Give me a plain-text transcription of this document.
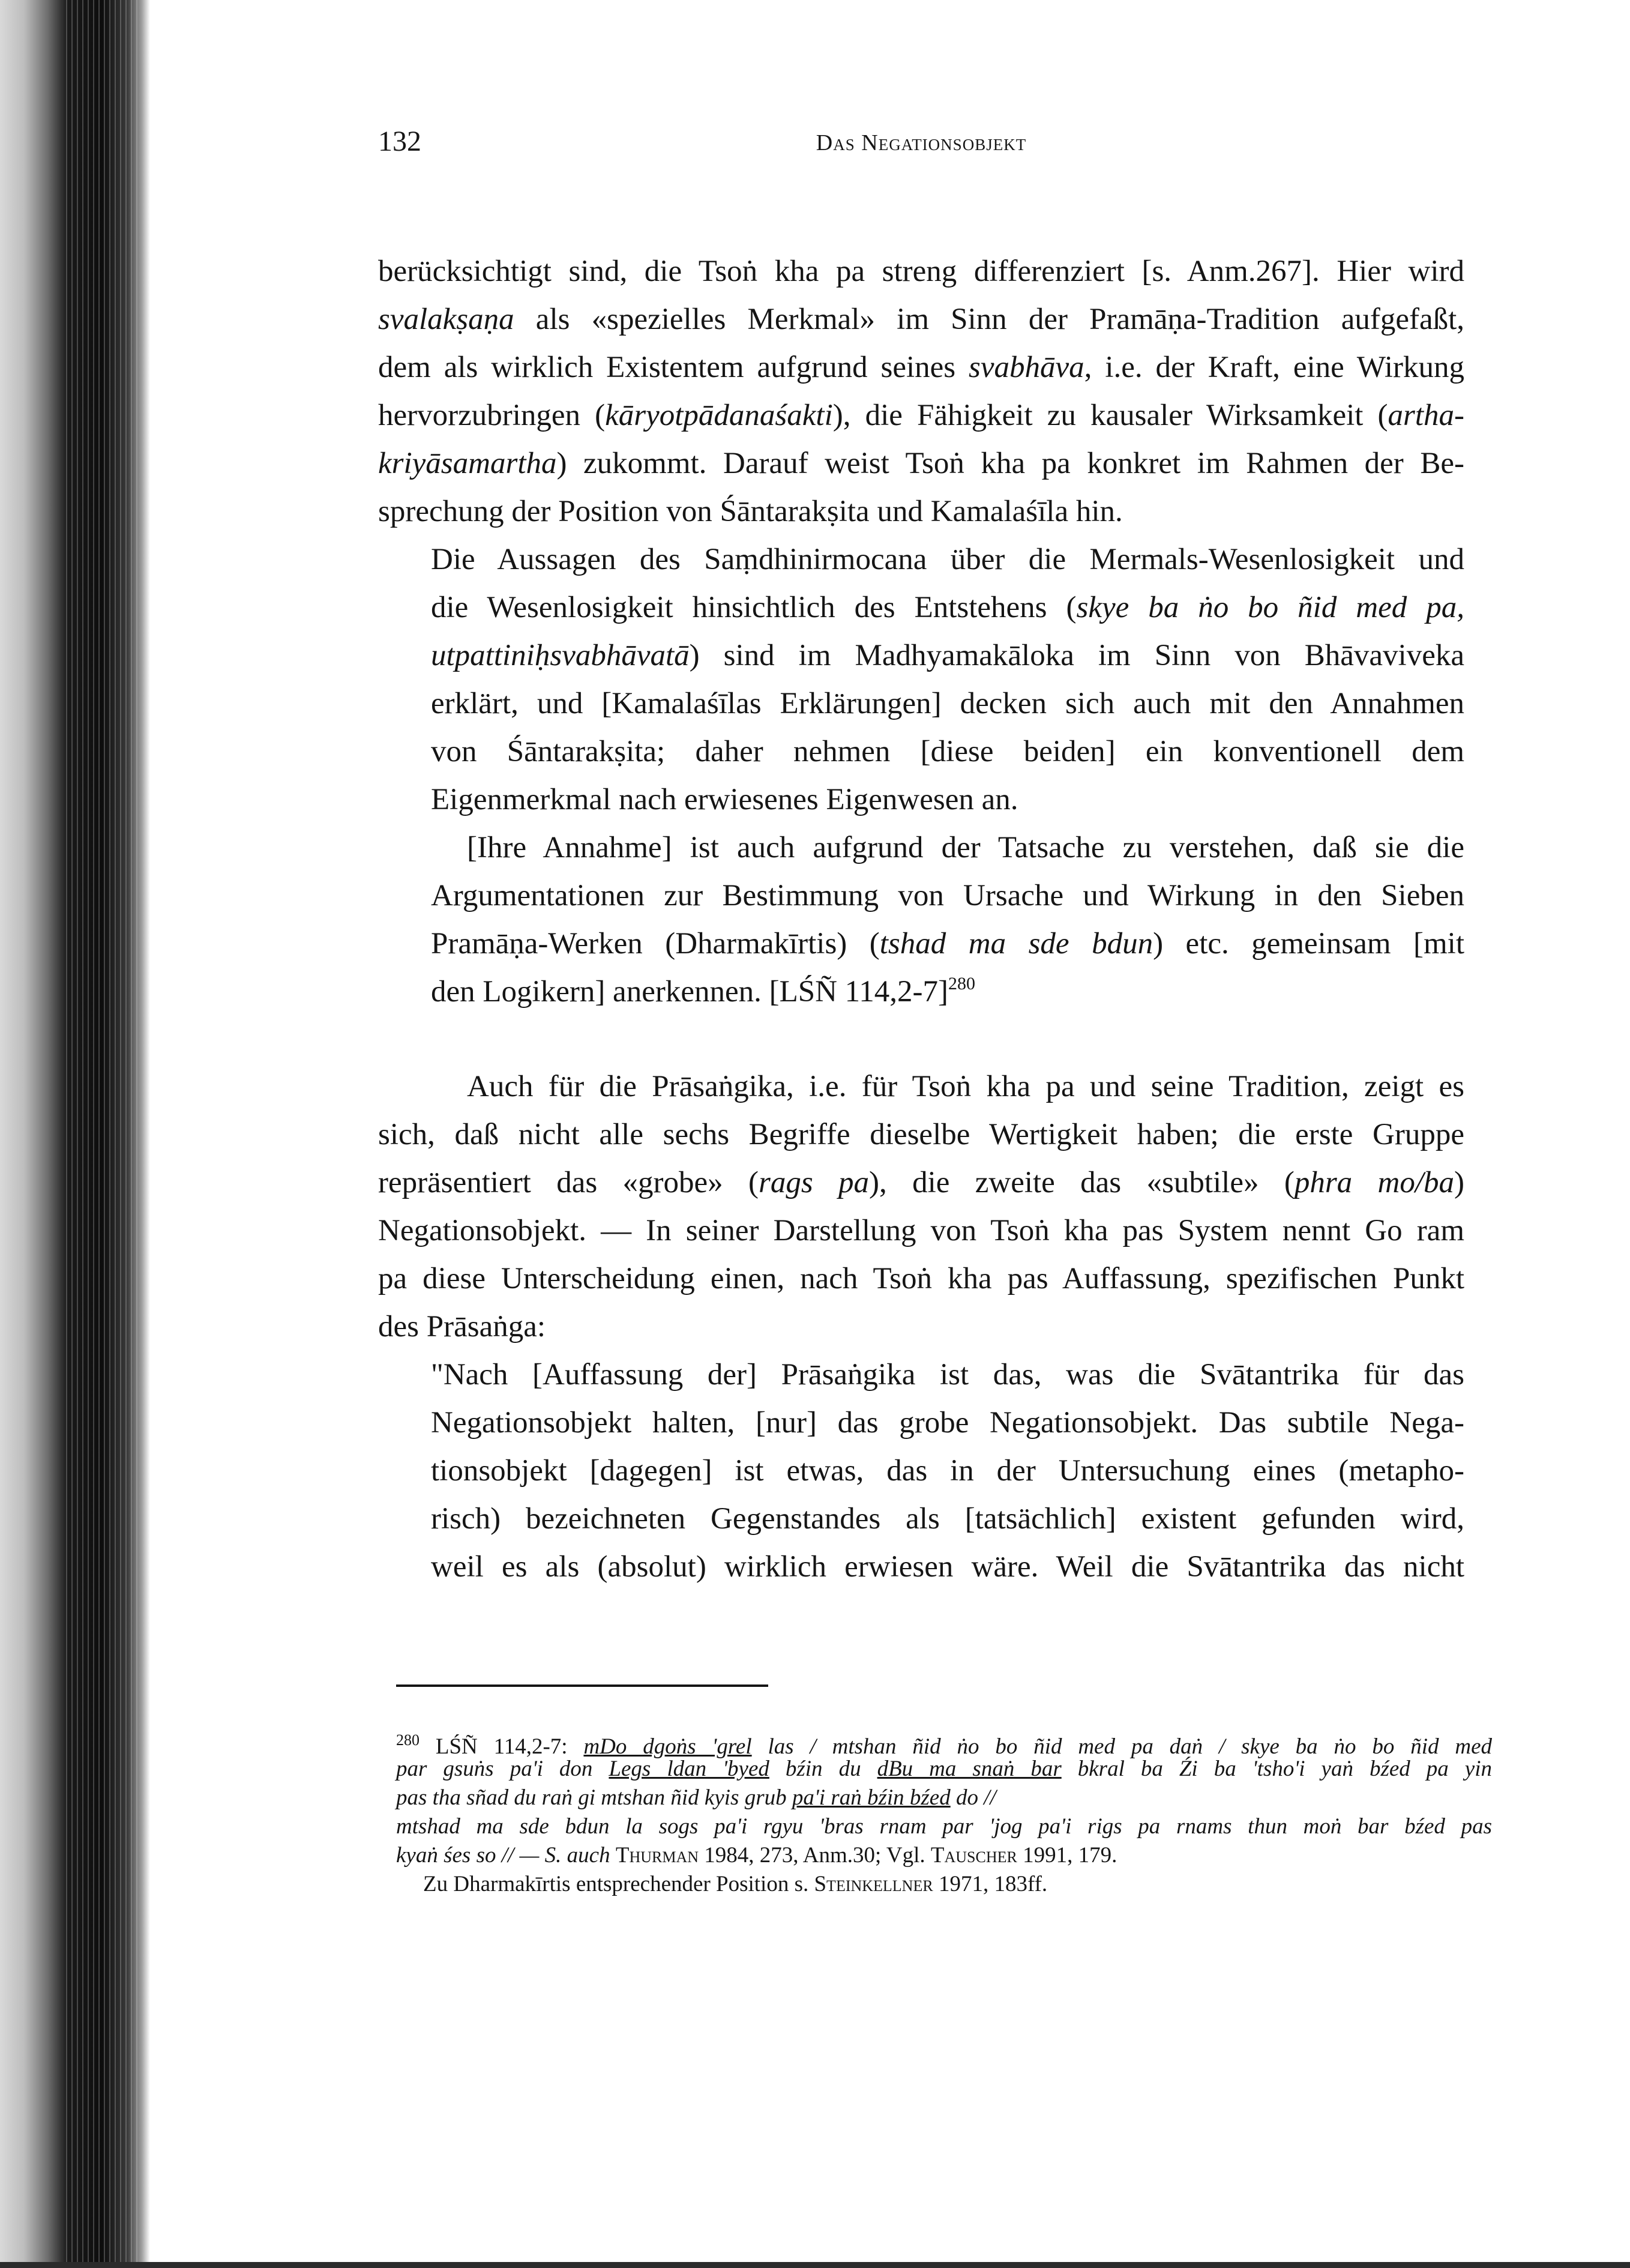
132	Das Negationsobjekt
berücksichtigt sind, die Tsoṅ kha pa streng differenziert [s. Anm.267]. Hier wird
svalakṣaṇa als «spezielles Merkmal» im Sinn der Pramāṇa-Tradition aufgefaßt,
dem als wirklich Existentem aufgrund seines svabhāva, i.e. der Kraft, eine Wirkung
hervorzubringen (kāryotpādanaśakti), die Fähigkeit zu kausaler Wirksamkeit (artha-
kriyāsamartha) zukommt. Darauf weist Tsoṅ kha pa konkret im Rahmen der Be-
sprechung der Position von Śāntarakṣita und Kamalaśīla hin.
Die Aussagen des Saṃdhinirmocana über die Mermals-Wesenlosigkeit und
die Wesenlosigkeit hinsichtlich des Entstehens (skye ba ṅo bo ñid med pa,
utpattiniḥsvabhāvatā) sind im Madhyamakāloka im Sinn von Bhāvaviveka
erklärt, und [Kamalaśīlas Erklärungen] decken sich auch mit den Annahmen
von Śāntarakṣita; daher nehmen [diese beiden] ein konventionell dem
Eigenmerkmal nach erwiesenes Eigenwesen an.
[Ihre Annahme] ist auch aufgrund der Tatsache zu verstehen, daß sie die
Argumentationen zur Bestimmung von Ursache und Wirkung in den Sieben
Pramāṇa-Werken (Dharmakīrtis) (tshad ma sde bdun) etc. gemeinsam [mit
den Logikern] anerkennen. [LŚÑ 114,2-7]$^{280}$
Auch für die Prāsaṅgika, i.e. für Tsoṅ kha pa und seine Tradition, zeigt es
sich, daß nicht alle sechs Begriffe dieselbe Wertigkeit haben; die erste Gruppe
repräsentiert das «grobe» (rags pa), die zweite das «subtile» (phra mo/ba)
Negationsobjekt. — In seiner Darstellung von Tsoṅ kha pas System nennt Go ram
pa diese Unterscheidung einen, nach Tsoṅ kha pas Auffassung, spezifischen Punkt
des Prāsaṅga:
"Nach [Auffassung der] Prāsaṅgika ist das, was die Svātantrika für das
Negationsobjekt halten, [nur] das grobe Negationsobjekt. Das subtile Nega-
tionsobjekt [dagegen] ist etwas, das in der Untersuchung eines (metapho-
risch) bezeichneten Gegenstandes als [tatsächlich] existent gefunden wird,
weil es als (absolut) wirklich erwiesen wäre. Weil die Svātantrika das nicht
$^{280}$ LŚÑ 114,2-7: mDo dgoṅs 'grel las / mtshan ñid ṅo bo ñid med pa daṅ / skye ba ṅo bo ñid med
par gsuṅs pa'i don Legs ldan 'byed bźin du dBu ma snaṅ bar bkral ba Źi ba 'tsho'i yaṅ bźed pa yin
pas tha sñad du raṅ gi mtshan ñid kyis grub pa'i raṅ bźin bźed do //
mtshad ma sde bdun la sogs pa'i rgyu 'bras rnam par 'jog pa'i rigs pa rnams thun moṅ bar bźed pas
kyaṅ śes so // — S. auch Thurman 1984, 273, Anm.30; Vgl. Tauscher 1991, 179.
Zu Dharmakīrtis entsprechender Position s. Steinkellner 1971, 183ff.
